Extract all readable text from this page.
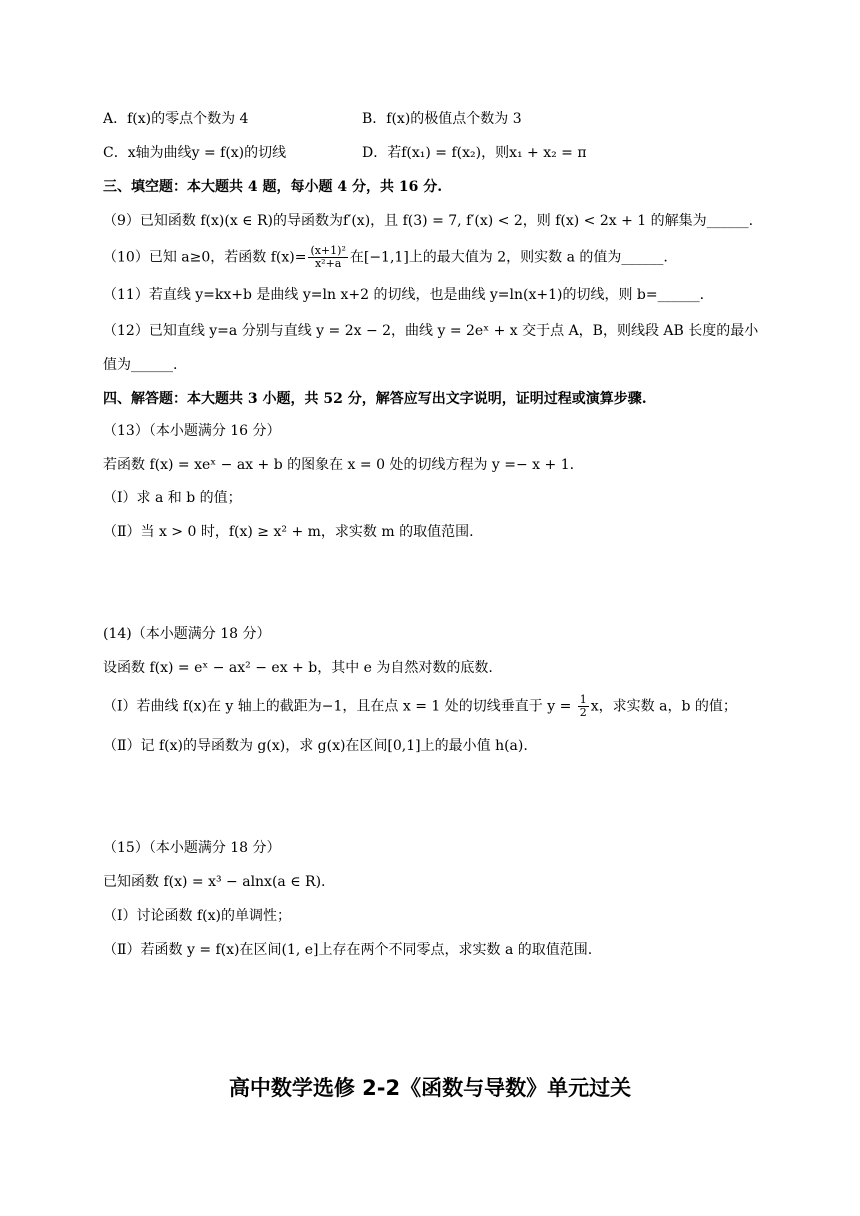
A．f(x)的零点个数为 4	B．f(x)的极值点个数为 3
C．x轴为曲线y = f(x)的切线	D．若f(x₁) = f(x₂)，则x₁ + x₂ = π
三、填空题：本大题共 4 题，每小题 4 分，共 16 分.
（9）已知函数 f(x)(x ∈ R)的导函数为f′(x)，且 f(3) = 7, f′(x) < 2，则 f(x) < 2x + 1 的解集为______.
（10）已知 a≥0，若函数 $f(x)= \frac{\text{(x+1)²}}{\text{x²+a}}$ 在[−1,1]上的最大值为 2，则实数 a 的值为______.
（11）若直线 y=kx+b 是曲线 y=ln x+2 的切线，也是曲线 y=ln(x+1)的切线，则 b=______.
（12）已知直线 y=a 分别与直线 y = 2x − 2，曲线 y = 2eˣ + x 交于点 A，B，则线段 AB 长度的最小
值为______.
四、解答题：本大题共 3 小题，共 52 分，解答应写出文字说明，证明过程或演算步骤.
（13）（本小题满分 16 分）
若函数 f(x) = xeˣ − ax + b 的图象在 x = 0 处的切线方程为 y =− x + 1.
（Ⅰ）求 a 和 b 的值；
（Ⅱ）当 x > 0 时，f(x) ≥ x² + m，求实数 m 的取值范围.
(14)（本小题满分 18 分）
设函数 f(x) = eˣ − ax² − ex + b，其中 e 为自然对数的底数.
（Ⅰ）若曲线 f(x)在 y 轴上的截距为−1，且在点 x = 1 处的切线垂直于 $y = \frac{1}{2}$ x，求实数 a，b 的值；
（Ⅱ）记 f(x)的导函数为 g(x)，求 g(x)在区间[0,1]上的最小值 h(a).
（15）（本小题满分 18 分）
已知函数 f(x) = x³ − alnx(a ∈ R).
（Ⅰ）讨论函数 f(x)的单调性；
（Ⅱ）若函数 y = f(x)在区间(1, e]上存在两个不同零点，求实数 a 的取值范围.
高中数学选修 2-2《函数与导数》单元过关
